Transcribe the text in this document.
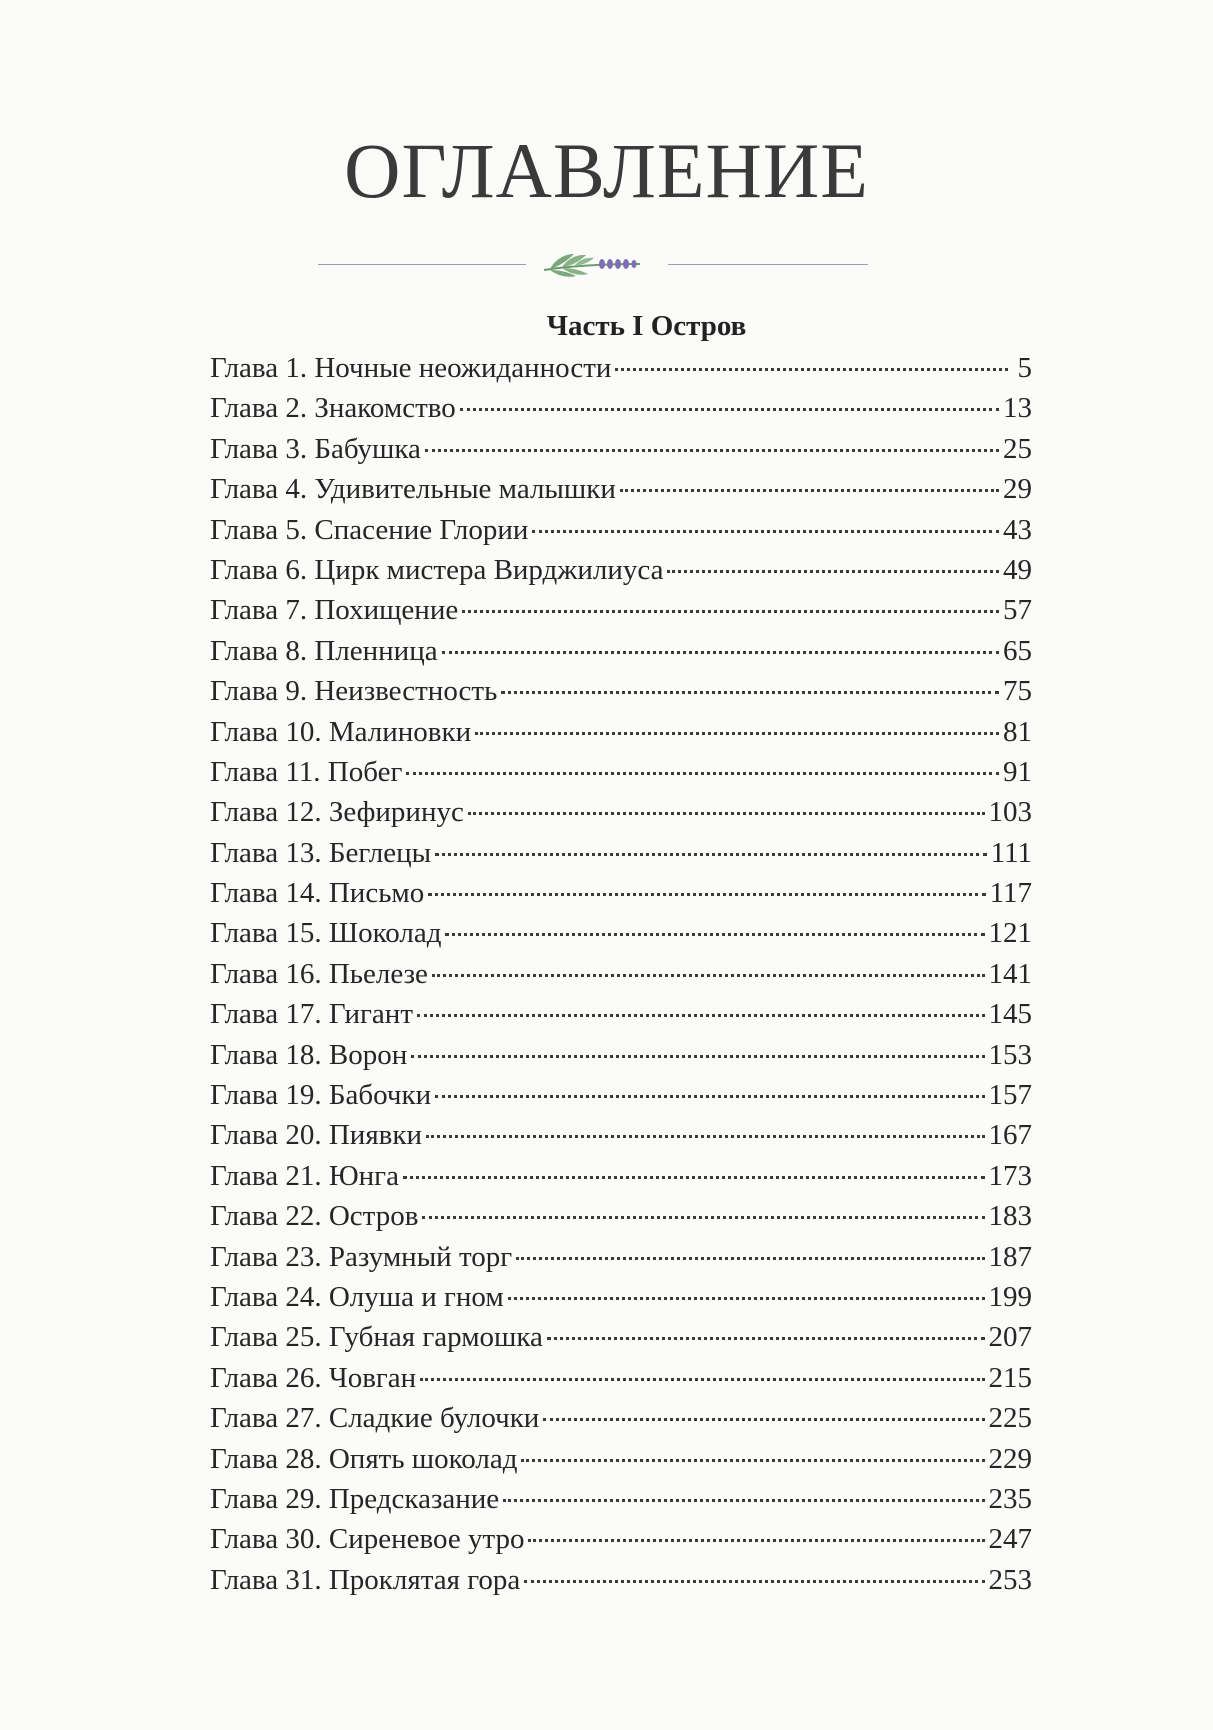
ОГЛАВЛЕНИЕ
Часть I Остров
Глава 1. Ночные неожиданности	5
Глава 2. Знакомство	13
Глава 3. Бабушка	25
Глава 4. Удивительные малышки	29
Глава 5. Спасение Глории	43
Глава 6. Цирк мистера Вирджилиуса	49
Глава 7. Похищение	57
Глава 8. Пленница	65
Глава 9. Неизвестность	75
Глава 10. Малиновки	81
Глава 11. Побег	91
Глава 12. Зефиринус	103
Глава 13. Беглецы	111
Глава 14. Письмо	117
Глава 15. Шоколад	121
Глава 16. Пьелезе	141
Глава 17. Гигант	145
Глава 18. Ворон	153
Глава 19. Бабочки	157
Глава 20. Пиявки	167
Глава 21. Юнга	173
Глава 22. Остров	183
Глава 23. Разумный торг	187
Глава 24. Олуша и гном	199
Глава 25. Губная гармошка	207
Глава 26. Човган	215
Глава 27. Сладкие булочки	225
Глава 28. Опять шоколад	229
Глава 29. Предсказание	235
Глава 30. Сиреневое утро	247
Глава 31. Проклятая гора	253
